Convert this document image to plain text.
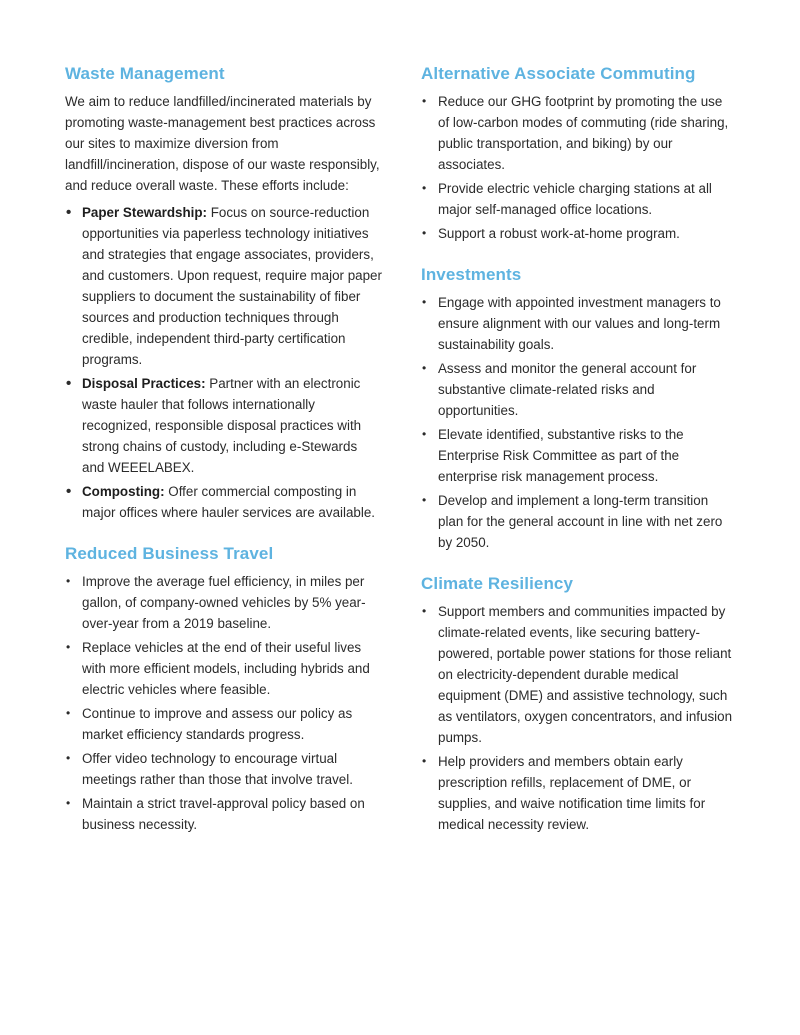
Waste Management

We aim to reduce landfilled/incinerated materials by promoting waste-management best practices across our sites to maximize diversion from landfill/incineration, dispose of our waste responsibly, and reduce overall waste. These efforts include:

• Paper Stewardship: Focus on source-reduction opportunities via paperless technology initiatives and strategies that engage associates, providers, and customers. Upon request, require major paper suppliers to document the sustainability of fiber sources and production techniques through credible, independent third-party certification programs.
• Disposal Practices: Partner with an electronic waste hauler that follows internationally recognized, responsible disposal practices with strong chains of custody, including e-Stewards and WEEELABEX.
• Composting: Offer commercial composting in major offices where hauler services are available.
Reduced Business Travel
• Improve the average fuel efficiency, in miles per gallon, of company-owned vehicles by 5% year-over-year from a 2019 baseline.
• Replace vehicles at the end of their useful lives with more efficient models, including hybrids and electric vehicles where feasible.
• Continue to improve and assess our policy as market efficiency standards progress.
• Offer video technology to encourage virtual meetings rather than those that involve travel.
• Maintain a strict travel-approval policy based on business necessity.
Alternative Associate Commuting
• Reduce our GHG footprint by promoting the use of low-carbon modes of commuting (ride sharing, public transportation, and biking) by our associates.
• Provide electric vehicle charging stations at all major self-managed office locations.
• Support a robust work-at-home program.
Investments
• Engage with appointed investment managers to ensure alignment with our values and long-term sustainability goals.
• Assess and monitor the general account for substantive climate-related risks and opportunities.
• Elevate identified, substantive risks to the Enterprise Risk Committee as part of the enterprise risk management process.
• Develop and implement a long-term transition plan for the general account in line with net zero by 2050.
Climate Resiliency
• Support members and communities impacted by climate-related events, like securing battery-powered, portable power stations for those reliant on electricity-dependent durable medical equipment (DME) and assistive technology, such as ventilators, oxygen concentrators, and infusion pumps.
• Help providers and members obtain early prescription refills, replacement of DME, or supplies, and waive notification time limits for medical necessity review.
